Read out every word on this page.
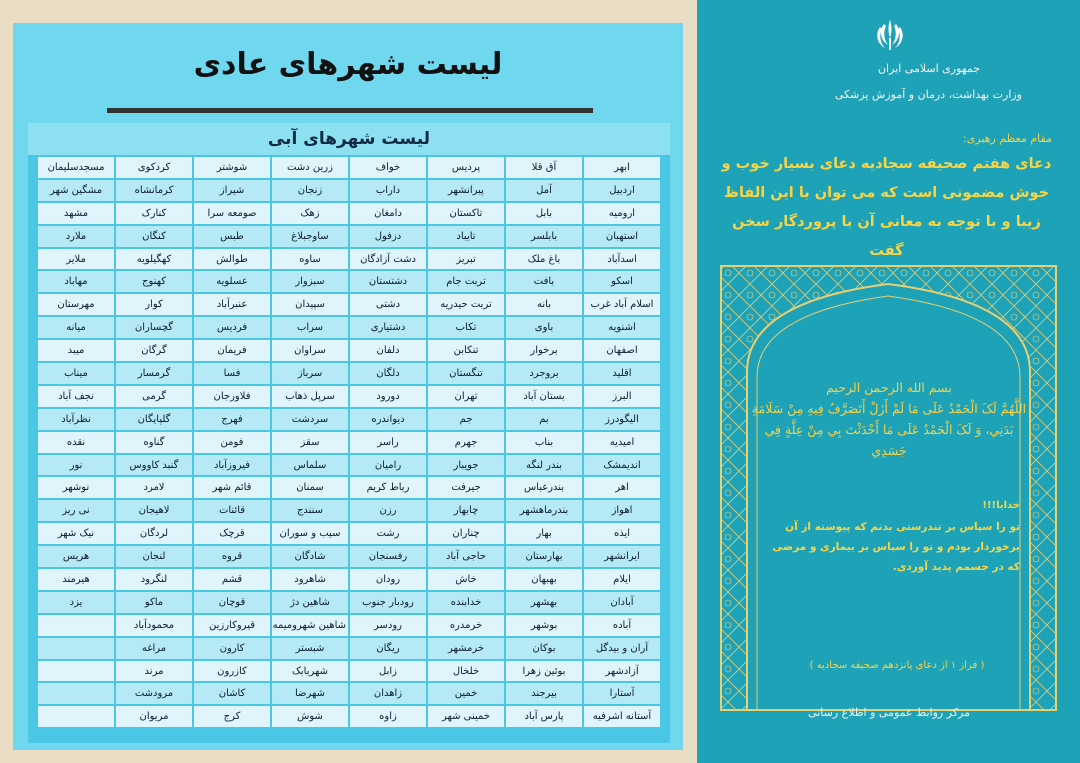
لیست شهرهای عادی
لیست شهرهای آبی
ابهر	آق قلا	پردیس	خواف	زرین دشت	شوشتر	کردکوی	مسجدسلیمان
اردبیل	آمل	پیرانشهر	داراب	زنجان	شیراز	کرمانشاه	مشگین شهر
ارومیه	بابل	تاکستان	دامغان	زهک	صومعه سرا	کنارک	مشهد
استهبان	بابلسر	تایباد	دزفول	ساوجبلاغ	طبس	کنگان	ملارد
اسدآباد	باغ ملک	تبریز	دشت آزادگان	ساوه	طوالش	کهگیلویه	ملایر
اسکو	بافت	تربت جام	دشتستان	سبزوار	عسلویه	کهنوج	مهاباد
اسلام آباد غرب	بانه	تربت حیدریه	دشتی	سپیدان	عنبرآباد	کوار	مهرستان
اشنویه	باوی	تکاب	دشتیاری	سراب	فردیس	گچساران	میانه
اصفهان	برخوار	تنکابن	دلفان	سراوان	فریمان	گرگان	میبد
اقلید	بروجرد	تنگستان	دلگان	سرباز	فسا	گرمسار	میناب
البرز	بستان آباد	تهران	دورود	سرپل ذهاب	فلاورجان	گرمی	نجف آباد
الیگودرز	بم	جم	دیواندره	سردشت	فهرج	گلپایگان	نظرآباد
امیدیه	بناب	جهرم	راسر	سقز	فومن	گناوه	نقده
اندیمشک	بندر لنگه	جویبار	رامیان	سلماس	فیروزآباد	گنبد کاووس	نور
اهر	بندرعباس	جیرفت	رباط کریم	سمنان	قائم شهر	لامرد	نوشهر
اهواز	بندرماهشهر	چابهار	رزن	سنندج	قائنات	لاهیجان	نی ریز
ایذه	بهار	چناران	رشت	سیب و سوران	قرچک	لردگان	نیک شهر
ایرانشهر	بهارستان	حاجی آباد	رفسنجان	شادگان	قروه	لنجان	هریس
ایلام	بهبهان	خاش	رودان	شاهرود	قشم	لنگرود	هیرمند
آبادان	بهشهر	خدابنده	رودبار جنوب	شاهین دژ	قوچان	ماکو	یزد
آباده	بوشهر	خرمدره	رودسر	شاهین شهرومیمه	قیروکارزین	محمودآباد	
آران و بیدگل	بوکان	خرمشهر	ریگان	شبستر	کارون	مراغه	
آزادشهر	بوئین زهرا	خلخال	زابل	شهربابک	کازرون	مرند	
آستارا	بیرجند	خمین	زاهدان	شهرضا	کاشان	مرودشت	
آستانه اشرفیه	پارس آباد	خمینی شهر	زاوه	شوش	کرج	مریوان	
جمهوری اسلامی ایران
وزارت بهداشت، درمان و آموزش پزشکی
مقام معظم رهبری:
دعای هفتم صحیفه سجادیه دعای بسیار خوب و خوش مضمونی است که می توان با این الفاظ زیبا و با توجه به معانی آن با پروردگار سخن گفت
بسم الله الرحمن الرحیم
اللَّهُمَّ لَکَ الْحَمْدُ عَلَى مَا لَمْ أَزَلْ أَتَصَرَّفُ فِيهِ مِنْ سَلَامَةِ بَدَنِي، وَ لَکَ الْحَمْدُ عَلَى مَا أَحْدَثْتَ بِي مِنْ عِلَّةٍ فِي جَسَدِي
خدایا!!!
تو را سپاس بر تندرستی بدنم که پیوسته از آن برخوردار بودم و تو را سپاس بر بیماری و مرضی که در جسمم پدید آوردی.
( فراز ۱ از دعای پانزدهم صحیفه سجادیه )
مرکز روابط عمومی و اطلاع رسانی
